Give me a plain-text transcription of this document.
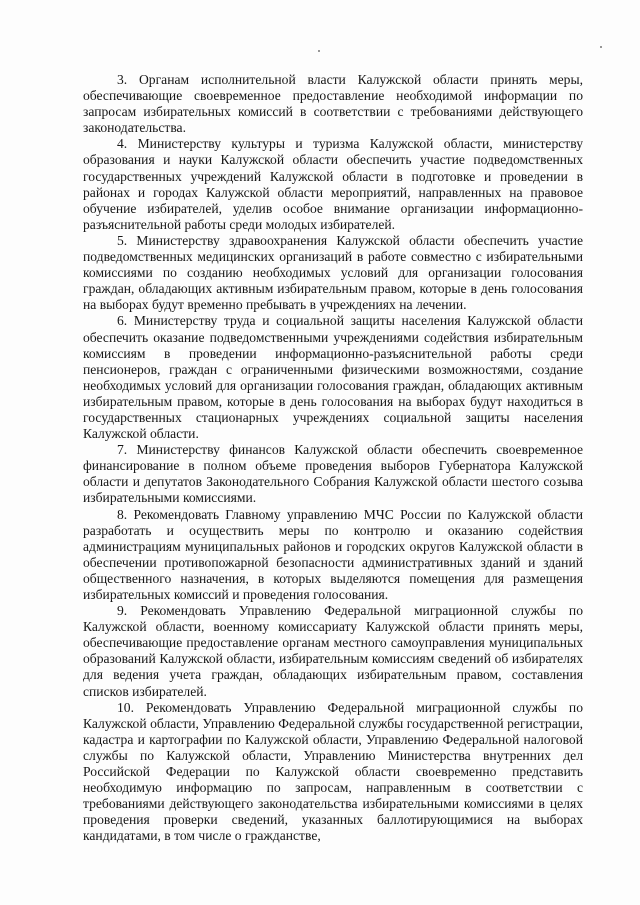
3. Органам исполнительной власти Калужской области принять меры, обеспечивающие своевременное предоставление необходимой информации по запросам избирательных комиссий в соответствии с требованиями действующего законодательства.

4. Министерству культуры и туризма Калужской области, министерству образования и науки Калужской области обеспечить участие подведомственных государственных учреждений Калужской области в подготовке и проведении в районах и городах Калужской области мероприятий, направленных на правовое обучение избирателей, уделив особое внимание организации информационно-разъяснительной работы среди молодых избирателей.

5. Министерству здравоохранения Калужской области обеспечить участие подведомственных медицинских организаций в работе совместно с избирательными комиссиями по созданию необходимых условий для организации голосования граждан, обладающих активным избирательным правом, которые в день голосования на выборах будут временно пребывать в учреждениях на лечении.

6. Министерству труда и социальной защиты населения Калужской области обеспечить оказание подведомственными учреждениями содействия избирательным комиссиям в проведении информационно-разъяснительной работы среди пенсионеров, граждан с ограниченными физическими возможностями, создание необходимых условий для организации голосования граждан, обладающих активным избирательным правом, которые в день голосования на выборах будут находиться в государственных стационарных учреждениях социальной защиты населения Калужской области.

7. Министерству финансов Калужской области обеспечить своевременное финансирование в полном объеме проведения выборов Губернатора Калужской области и депутатов Законодательного Собрания Калужской области шестого созыва избирательными комиссиями.

8. Рекомендовать Главному управлению МЧС России по Калужской области разработать и осуществить меры по контролю и оказанию содействия администрациям муниципальных районов и городских округов Калужской области в обеспечении противопожарной безопасности административных зданий и зданий общественного назначения, в которых выделяются помещения для размещения избирательных комиссий и проведения голосования.

9. Рекомендовать Управлению Федеральной миграционной службы по Калужской области, военному комиссариату Калужской области принять меры, обеспечивающие предоставление органам местного самоуправления муниципальных образований Калужской области, избирательным комиссиям сведений об избирателях для ведения учета граждан, обладающих избирательным правом, составления списков избирателей.

10. Рекомендовать Управлению Федеральной миграционной службы по Калужской области, Управлению Федеральной службы государственной регистрации, кадастра и картографии по Калужской области, Управлению Федеральной налоговой службы по Калужской области, Управлению Министерства внутренних дел Российской Федерации по Калужской области своевременно представить необходимую информацию по запросам, направленным в соответствии с требованиями действующего законодательства избирательными комиссиями в целях проведения проверки сведений, указанных баллотирующимися на выборах кандидатами, в том числе о гражданстве,
